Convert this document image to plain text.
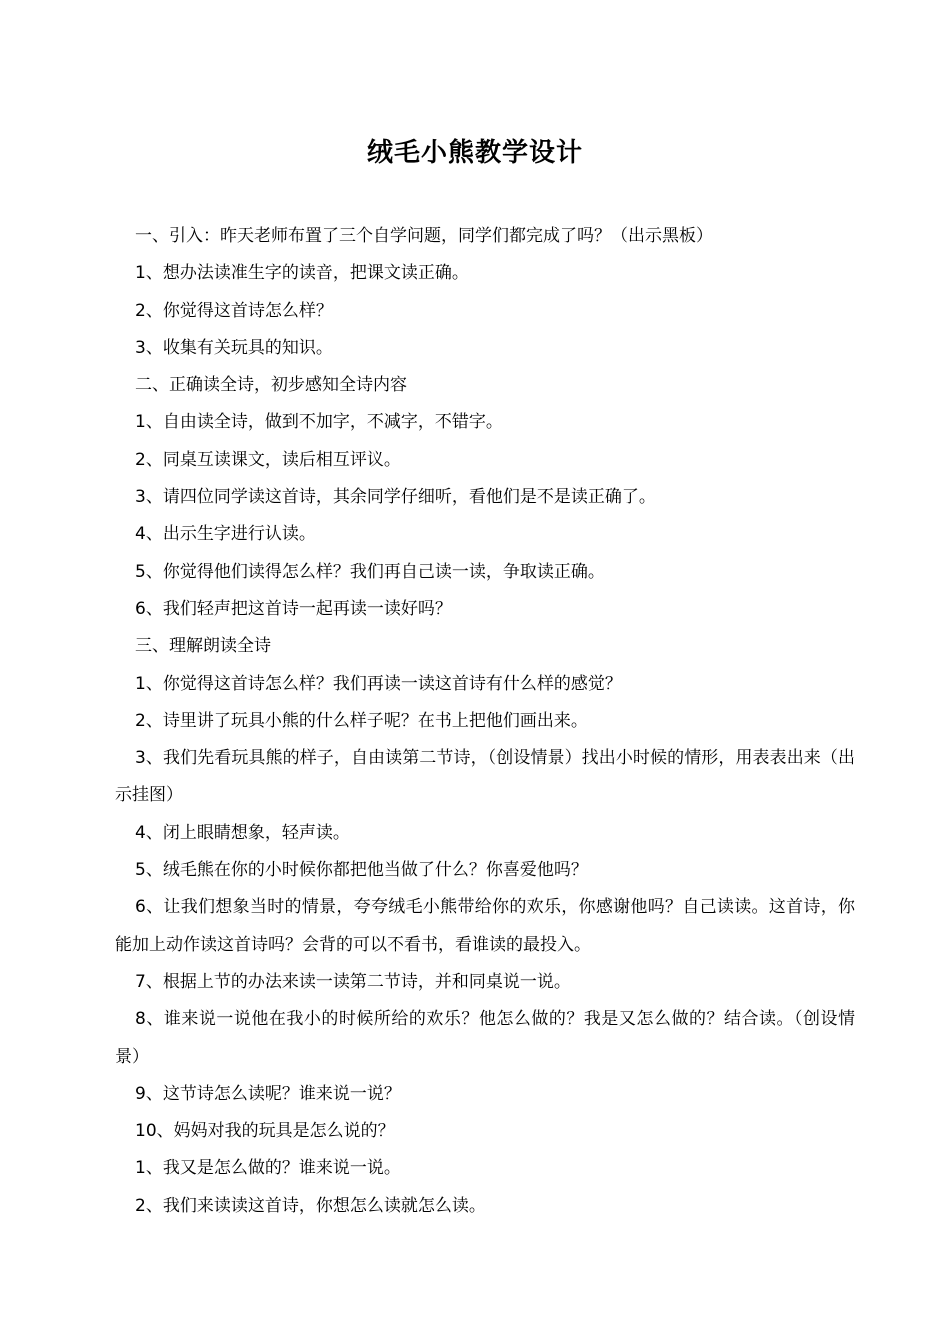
绒毛小熊教学设计

一、引入：昨天老师布置了三个自学问题，同学们都完成了吗？（出示黑板）

1、想办法读准生字的读音，把课文读正确。

2、你觉得这首诗怎么样？

3、收集有关玩具的知识。

二、正确读全诗，初步感知全诗内容

1、自由读全诗，做到不加字，不减字，不错字。

2、同桌互读课文，读后相互评议。

3、请四位同学读这首诗，其余同学仔细听，看他们是不是读正确了。

4、出示生字进行认读。

5、你觉得他们读得怎么样？我们再自己读一读，争取读正确。

6、我们轻声把这首诗一起再读一读好吗？

三、理解朗读全诗

1、你觉得这首诗怎么样？我们再读一读这首诗有什么样的感觉？

2、诗里讲了玩具小熊的什么样子呢？在书上把他们画出来。

3、我们先看玩具熊的样子，自由读第二节诗，（创设情景）找出小时候的情形，用表表出来（出示挂图）

4、闭上眼睛想象，轻声读。

5、绒毛熊在你的小时候你都把他当做了什么？你喜爱他吗？

6、让我们想象当时的情景，夸夸绒毛小熊带给你的欢乐，你感谢他吗？自己读读。这首诗，你能加上动作读这首诗吗？会背的可以不看书，看谁读的最投入。

7、根据上节的办法来读一读第二节诗，并和同桌说一说。

8、谁来说一说他在我小的时候所给的欢乐？他怎么做的？我是又怎么做的？结合读。（创设情景）

9、这节诗怎么读呢？谁来说一说？

10、妈妈对我的玩具是怎么说的？

1、我又是怎么做的？谁来说一说。

2、我们来读读这首诗，你想怎么读就怎么读。
